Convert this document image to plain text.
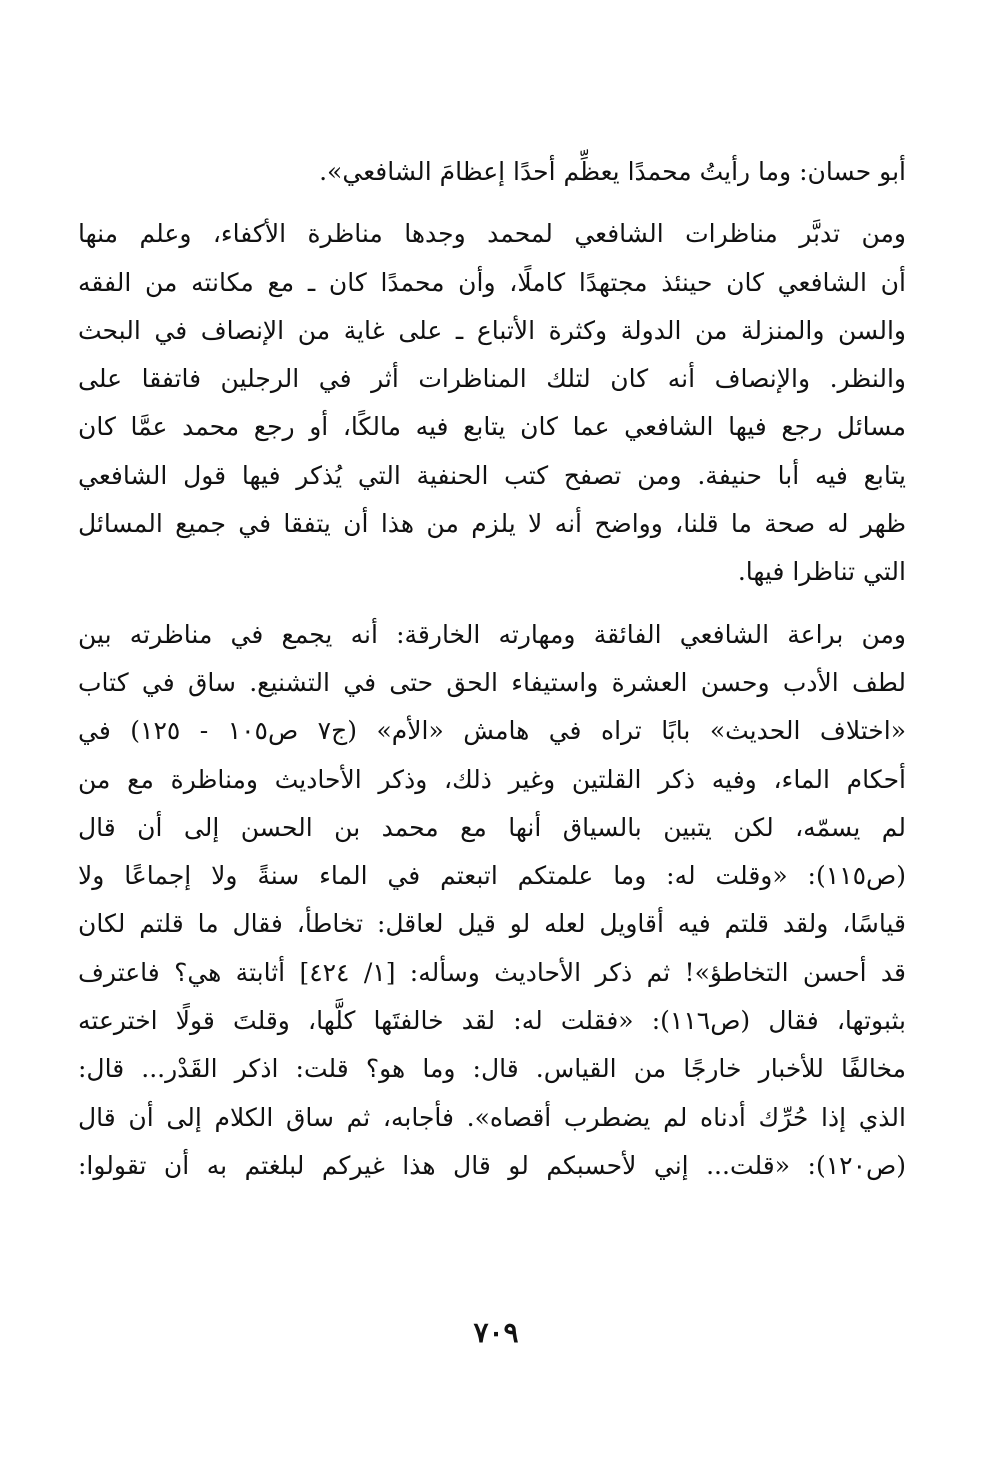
أبو حسان: وما رأيتُ محمدًا يعظِّم أحدًا إعظامَ الشافعي».
ومن تدبَّر مناظرات الشافعي لمحمد وجدها مناظرة الأكفاء، وعلم منها
أن الشافعي كان حينئذ مجتهدًا كاملًا، وأن محمدًا كان ـ مع مكانته من الفقه
والسن والمنزلة من الدولة وكثرة الأتباع ـ على غاية من الإنصاف في البحث
والنظر. والإنصاف أنه كان لتلك المناظرات أثر في الرجلين فاتفقا على
مسائل رجع فيها الشافعي عما كان يتابع فيه مالكًا، أو رجع محمد عمَّا كان
يتابع فيه أبا حنيفة. ومن تصفح كتب الحنفية التي يُذكر فيها قول الشافعي
ظهر له صحة ما قلنا، وواضح أنه لا يلزم من هذا أن يتفقا في جميع المسائل
التي تناظرا فيها.
ومن براعة الشافعي الفائقة ومهارته الخارقة: أنه يجمع في مناظرته بين
لطف الأدب وحسن العشرة واستيفاء الحق حتى في التشنيع. ساق في كتاب
«اختلاف الحديث» بابًا تراه في هامش «الأم» (ج٧ ص١٠٥ - ١٢٥) في
أحكام الماء، وفيه ذكر القلتين وغير ذلك، وذكر الأحاديث ومناظرة مع من
لم يسمّه، لكن يتبين بالسياق أنها مع محمد بن الحسن إلى أن قال
(ص١١٥): «وقلت له: وما علمتكم اتبعتم في الماء سنةً ولا إجماعًا ولا
قياسًا، ولقد قلتم فيه أقاويل لعله لو قيل لعاقل: تخاطأ، فقال ما قلتم لكان
قد أحسن التخاطؤ»! ثم ذكر الأحاديث وسأله: [١/ ٤٢٤] أثابتة هي؟ فاعترف
بثبوتها، فقال (ص١١٦): «فقلت له: لقد خالفتَها كلَّها، وقلتَ قولًا اخترعته
مخالفًا للأخبار خارجًا من القياس. قال: وما هو؟ قلت: اذكر القَدْر... قال:
الذي إذا حُرِّك أدناه لم يضطرب أقصاه». فأجابه، ثم ساق الكلام إلى أن قال
(ص١٢٠): «قلت... إني لأحسبكم لو قال هذا غيركم لبلغتم به أن تقولوا:
٧٠٩
